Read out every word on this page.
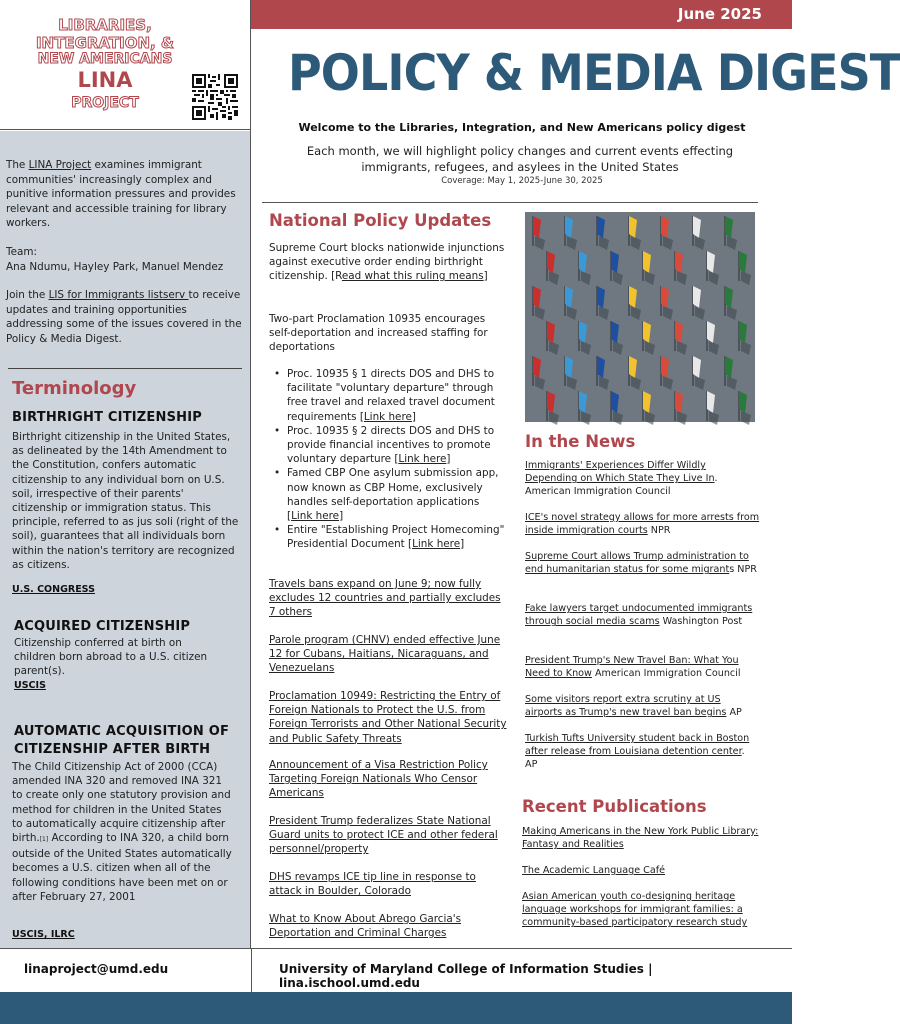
June 2025
LIBRARIES,
INTEGRATION, &
NEW AMERICANS
LINA
PROJECT
The LINA Project examines immigrant communities' increasingly complex and punitive information pressures and provides relevant and accessible training for library workers.
Team:
Ana Ndumu, Hayley Park, Manuel Mendez
Join the LIS for Immigrants listserv to receive updates and training opportunities addressing some of the issues covered in the Policy & Media Digest.
Terminology
BIRTHRIGHT CITIZENSHIP
Birthright citizenship in the United States, as delineated by the 14th Amendment to the Constitution, confers automatic citizenship to any individual born on U.S. soil, irrespective of their parents' citizenship or immigration status. This principle, referred to as jus soli (right of the soil), guarantees that all individuals born within the nation's territory are recognized as citizens.
U.S. CONGRESS
ACQUIRED CITIZENSHIP
Citizenship conferred at birth on children born abroad to a U.S. citizen parent(s).
USCIS
AUTOMATIC ACQUISITION OF
CITIZENSHIP AFTER BIRTH
The Child Citizenship Act of 2000 (CCA) amended INA 320 and removed INA 321 to create only one statutory provision and method for children in the United States to automatically acquire citizenship after birth.[1] According to INA 320, a child born outside of the United States automatically becomes a U.S. citizen when all of the following conditions have been met on or after February 27, 2001
USCIS, ILRC
POLICY & MEDIA DIGEST
Welcome to the Libraries, Integration, and New Americans policy digest
Each month, we will highlight policy changes and current events effecting
immigrants, refugees, and asylees in the United States
Coverage: May 1, 2025-June 30, 2025
National Policy Updates
Supreme Court blocks nationwide injunctions against executive order ending birthright citizenship. [Read what this ruling means]
Two-part Proclamation 10935 encourages self-deportation and increased staffing for deportations
• Proc. 10935 § 1 directs DOS and DHS to facilitate "voluntary departure" through free travel and relaxed travel document requirements [Link here]
• Proc. 10935 § 2 directs DOS and DHS to provide financial incentives to promote voluntary departure [Link here]
• Famed CBP One asylum submission app, now known as CBP Home, exclusively handles self-deportation applications [Link here]
• Entire "Establishing Project Homecoming" Presidential Document [Link here]
Travels bans expand on June 9; now fully excludes 12 countries and partially excludes 7 others
Parole program (CHNV) ended effective June 12 for Cubans, Haitians, Nicaraguans, and Venezuelans
Proclamation 10949: Restricting the Entry of Foreign Nationals to Protect the U.S. from Foreign Terrorists and Other National Security and Public Safety Threats
Announcement of a Visa Restriction Policy Targeting Foreign Nationals Who Censor Americans
President Trump federalizes State National Guard units to protect ICE and other federal personnel/property
DHS revamps ICE tip line in response to attack in Boulder, Colorado
What to Know About Abrego Garcia's Deportation and Criminal Charges
In the News
Immigrants' Experiences Differ Wildly Depending on Which State They Live In. American Immigration Council
ICE's novel strategy allows for more arrests from inside immigration courts NPR
Supreme Court allows Trump administration to end humanitarian status for some migrants NPR
Fake lawyers target undocumented immigrants through social media scams Washington Post
President Trump's New Travel Ban: What You Need to Know American Immigration Council
Some visitors report extra scrutiny at US airports as Trump's new travel ban begins AP
Turkish Tufts University student back in Boston after release from Louisiana detention center. AP
Recent Publications
Making Americans in the New York Public Library: Fantasy and Realities
The Academic Language Café
Asian American youth co-designing heritage language workshops for immigrant families: a community-based participatory research study
linaproject@umd.edu	University of Maryland College of Information Studies | lina.ischool.umd.edu
